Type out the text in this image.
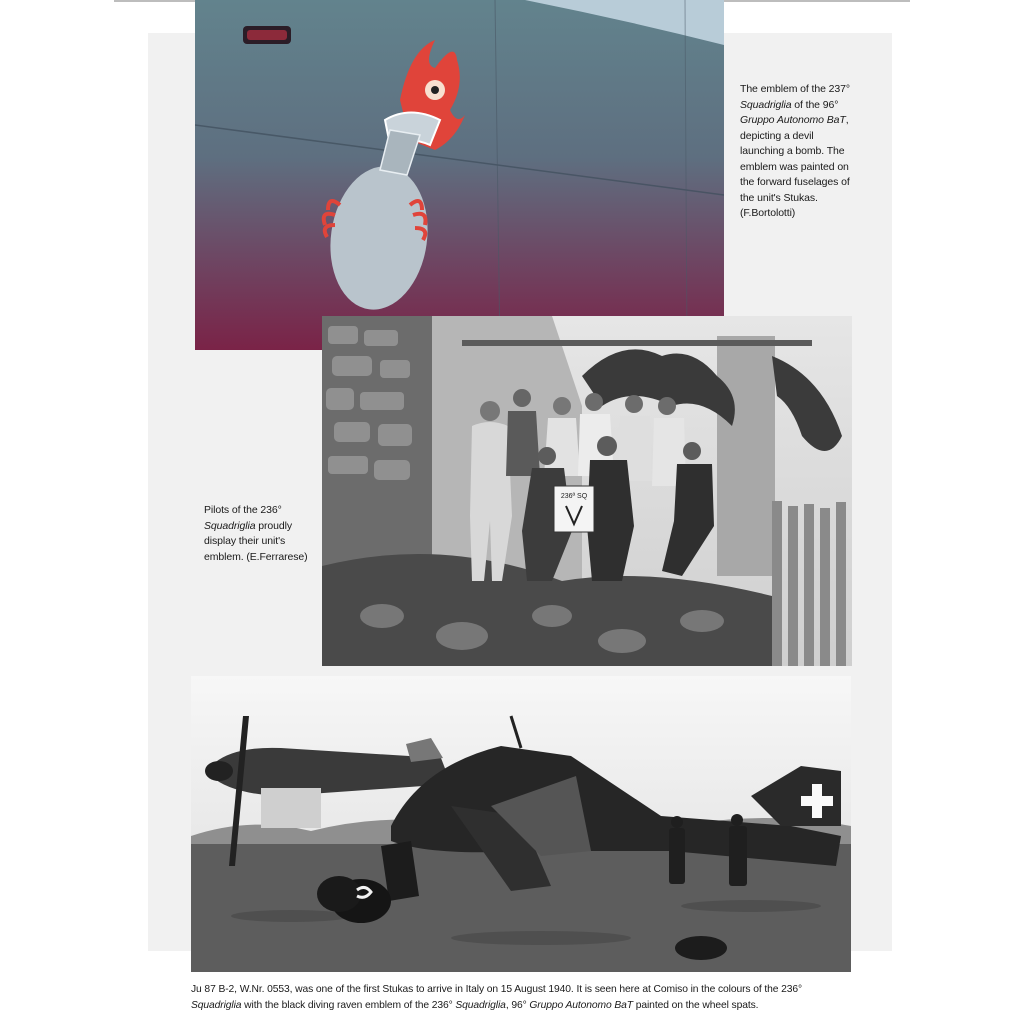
236ª SQ

The emblem of the 237° Squadriglia of the 96° Gruppo Autonomo BaT, depicting a devil launching a bomb. The emblem was painted on the forward fuselages of the unit's Stukas. (F.Bortolotti)

Pilots of the 236° Squadriglia proudly display their unit's emblem. (E.Ferrarese)

Ju 87 B-2, W.Nr. 0553, was one of the first Stukas to arrive in Italy on 15 August 1940. It is seen here at Comiso in the colours of the 236° Squadriglia with the black diving raven emblem of the 236° Squadriglia, 96° Gruppo Autonomo BaT painted on the wheel spats.
